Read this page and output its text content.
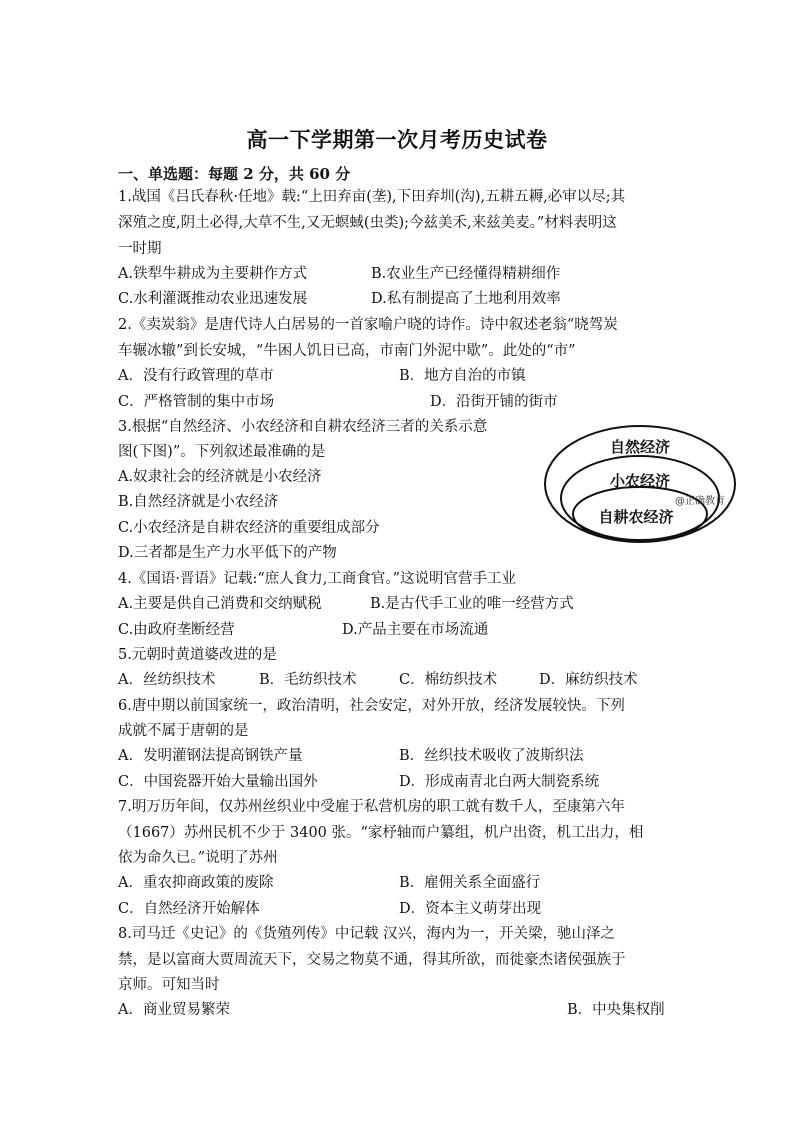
高一下学期第一次月考历史试卷
一、单选题：每题 2 分，共 60 分
1.战国《吕氏春秋·任地》载:“上田弃亩(垄),下田弃圳(沟),五耕五耨,必审以尽;其
深殖之度,阴土必得,大草不生,又无螟蜮(虫类);今兹美禾,来兹美麦。”材料表明这
一时期
A.铁犁牛耕成为主要耕作方式	B.农业生产已经懂得精耕细作
C.水利灌溉推动农业迅速发展	D.私有制提高了土地利用效率
2.《卖炭翁》是唐代诗人白居易的一首家喻户晓的诗作。诗中叙述老翁“晓驾炭
车辗冰辙”到长安城，“牛困人饥日已高，市南门外泥中歇”。此处的“市”
A．没有行政管理的草市	B．地方自治的市镇
C．严格管制的集中市场	D．沿街开铺的街市
3.根据“自然经济、小农经济和自耕农经济三者的关系示意
图(下图)”。下列叙述最准确的是
A.奴隶社会的经济就是小农经济
B.自然经济就是小农经济
C.小农经济是自耕农经济的重要组成部分
D.三者都是生产力水平低下的产物
自然经济
小农经济
自耕农经济
@正确教育
4.《国语·晋语》记载:“庶人食力,工商食官。”这说明官营手工业
A.主要是供自己消费和交纳赋税	B.是古代手工业的唯一经营方式
C.由政府垄断经营	D.产品主要在市场流通
5.元朝时黄道婆改进的是
A．丝纺织技术	B．毛纺织技术	C．棉纺织技术	D．麻纺织技术
6.唐中期以前国家统一，政治清明，社会安定，对外开放，经济发展较快。下列
成就不属于唐朝的是
A．发明灌钢法提高钢铁产量	B．丝织技术吸收了波斯织法
C．中国瓷器开始大量输出国外	D．形成南青北白两大制瓷系统
7.明万历年间，仅苏州丝织业中受雇于私营机房的职工就有数千人，至康第六年
（1667）苏州民机不少于 3400 张。“家杼轴而户纂组，机户出资，机工出力，相
依为命久已。”说明了苏州
A．重农抑商政策的废除	B．雇佣关系全面盛行
C．自然经济开始解体	D．资本主义萌芽出现
8.司马迁《史记》的《货殖列传》中记载 汉兴，海内为一，开关梁，驰山泽之
禁，是以富商大贾周流天下，交易之物莫不通，得其所欲，而徙豪杰诸侯强族于
京师。可知当时
A．商业贸易繁荣	B．中央集权削
